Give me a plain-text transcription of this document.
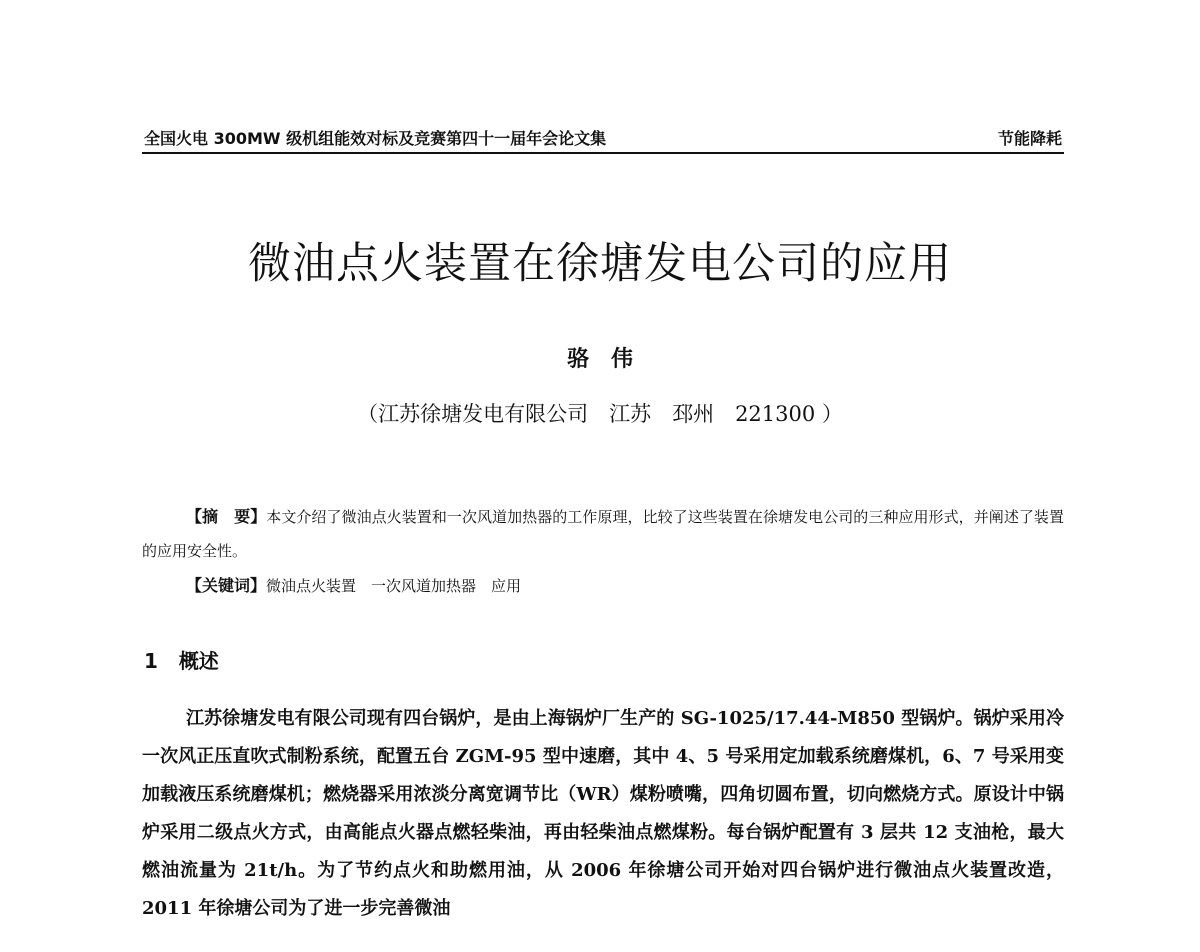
全国火电 300MW 级机组能效对标及竞赛第四十一届年会论文集	节能降耗
微油点火装置在徐塘发电公司的应用
骆　伟
（江苏徐塘发电有限公司　江苏　邳州　221300 ）
【摘　要】本文介绍了微油点火装置和一次风道加热器的工作原理，比较了这些装置在徐塘发电公司的三种应用形式，并阐述了装置的应用安全性。
【关键词】微油点火装置　一次风道加热器　应用
1 概述
江苏徐塘发电有限公司现有四台锅炉，是由上海锅炉厂生产的 SG-1025/17.44-M850 型锅炉。锅炉采用冷一次风正压直吹式制粉系统，配置五台 ZGM-95 型中速磨，其中 4、5 号采用定加载系统磨煤机，6、7 号采用变加载液压系统磨煤机；燃烧器采用浓淡分离宽调节比（WR）煤粉喷嘴，四角切圆布置，切向燃烧方式。原设计中锅炉采用二级点火方式，由高能点火器点燃轻柴油，再由轻柴油点燃煤粉。每台锅炉配置有 3 层共 12 支油枪，最大燃油流量为 21t/h。为了节约点火和助燃用油，从 2006 年徐塘公司开始对四台锅炉进行微油点火装置改造，2011 年徐塘公司为了进一步完善微油
